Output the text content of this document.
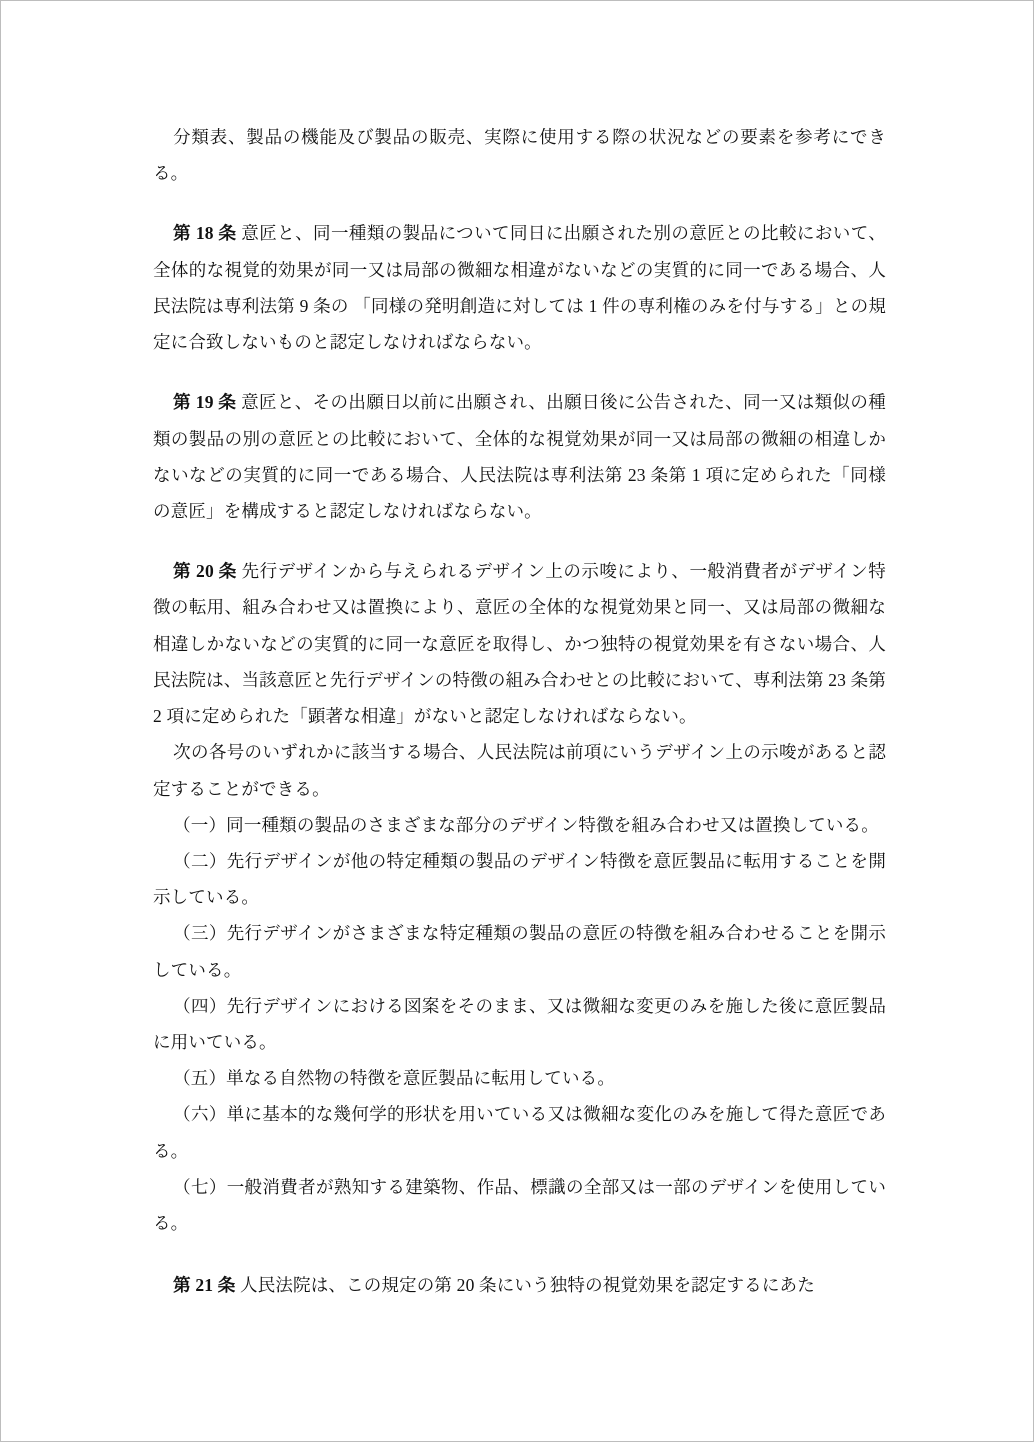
分類表、製品の機能及び製品の販売、実際に使用する際の状況などの要素を参考にできる。

第 18 条 意匠と、同一種類の製品について同日に出願された別の意匠との比較において、全体的な視覚的効果が同一又は局部の微細な相違がないなどの実質的に同一である場合、人民法院は専利法第 9 条の 「同様の発明創造に対しては 1 件の専利権のみを付与する」との規定に合致しないものと認定しなければならない。

第 19 条 意匠と、その出願日以前に出願され、出願日後に公告された、同一又は類似の種類の製品の別の意匠との比較において、全体的な視覚効果が同一又は局部の微細の相違しかないなどの実質的に同一である場合、人民法院は専利法第 23 条第 1 項に定められた「同様の意匠」を構成すると認定しなければならない。

第 20 条 先行デザインから与えられるデザイン上の示唆により、一般消費者がデザイン特徴の転用、組み合わせ又は置換により、意匠の全体的な視覚効果と同一、又は局部の微細な相違しかないなどの実質的に同一な意匠を取得し、かつ独特の視覚効果を有さない場合、人民法院は、当該意匠と先行デザインの特徴の組み合わせとの比較において、専利法第 23 条第 2 項に定められた「顕著な相違」がないと認定しなければならない。

次の各号のいずれかに該当する場合、人民法院は前項にいうデザイン上の示唆があると認定することができる。

（一）同一種類の製品のさまざまな部分のデザイン特徴を組み合わせ又は置換している。

（二）先行デザインが他の特定種類の製品のデザイン特徴を意匠製品に転用することを開示している。

（三）先行デザインがさまざまな特定種類の製品の意匠の特徴を組み合わせることを開示している。

（四）先行デザインにおける図案をそのまま、又は微細な変更のみを施した後に意匠製品に用いている。

（五）単なる自然物の特徴を意匠製品に転用している。

（六）単に基本的な幾何学的形状を用いている又は微細な変化のみを施して得た意匠である。

（七）一般消費者が熟知する建築物、作品、標識の全部又は一部のデザインを使用している。

第 21 条 人民法院は、この規定の第 20 条にいう独特の視覚効果を認定するにあた
